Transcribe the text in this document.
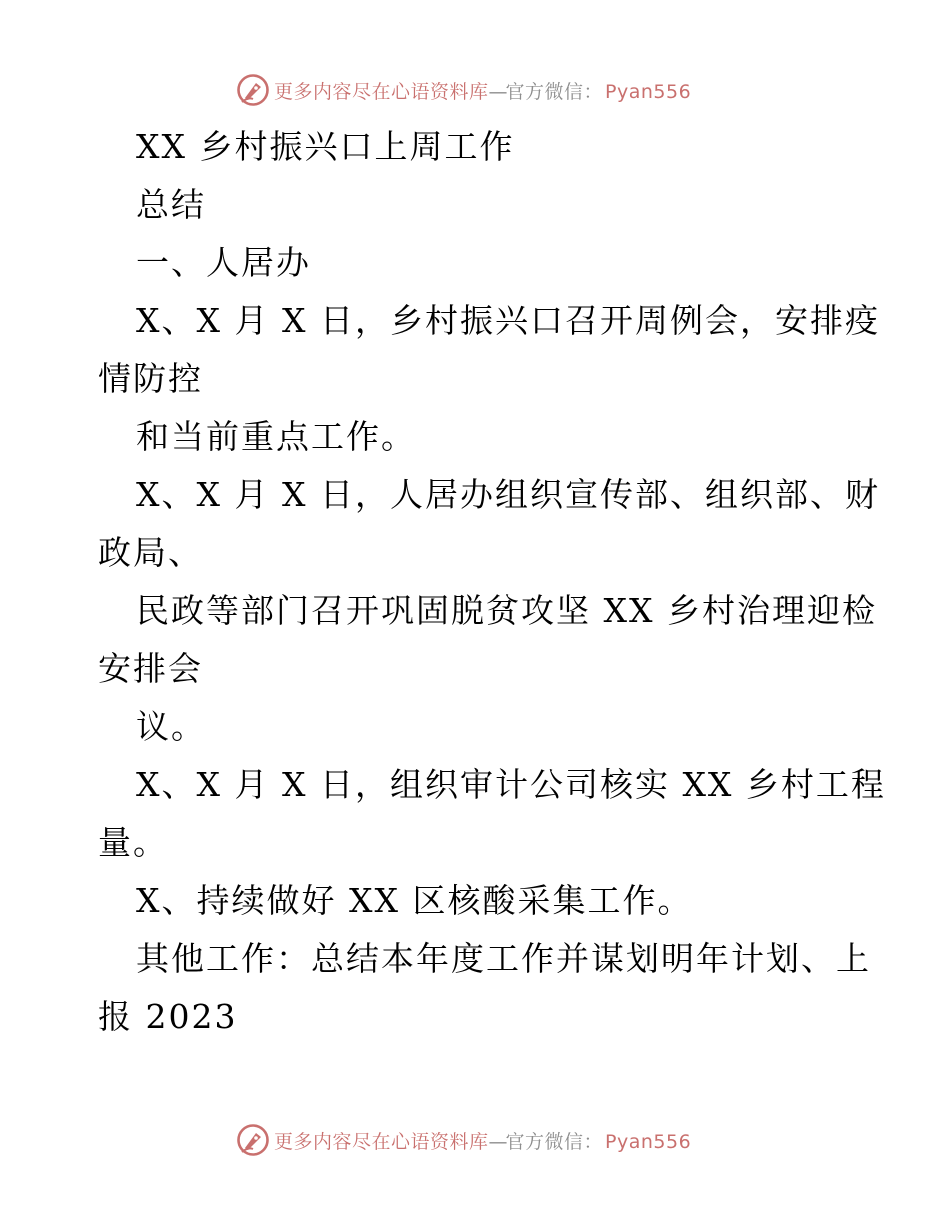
更多内容尽在心语资料库—官方微信： Pyan556
XX 乡村振兴口上周工作
总结
一、人居办
X、X 月 X 日，乡村振兴口召开周例会，安排疫
情防控
和当前重点工作。
X、X 月 X 日，人居办组织宣传部、组织部、财
政局、
民政等部门召开巩固脱贫攻坚 XX 乡村治理迎检
安排会
议。
X、X 月 X 日，组织审计公司核实 XX 乡村工程
量。
X、持续做好 XX 区核酸采集工作。
其他工作：总结本年度工作并谋划明年计划、上
报 2023
更多内容尽在心语资料库—官方微信： Pyan556
